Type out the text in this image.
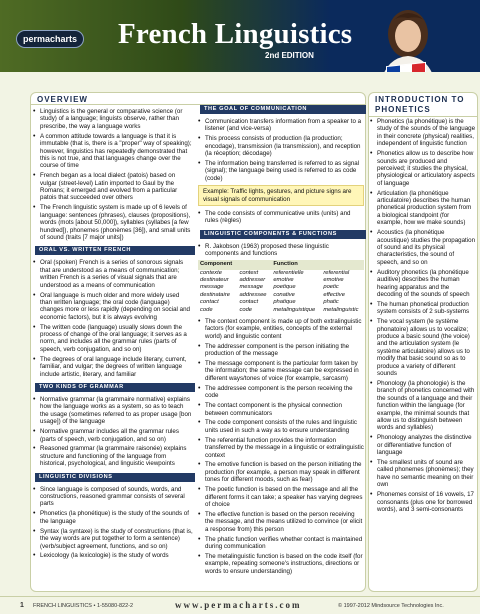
permacharts French Linguistics
2nd EDITION
OVERVIEW	INTRODUCTION TO PHONETICS
• Linguistics is the general or comparative science (or study) of a language; linguists observe, rather than prescribe, the way a language works
• A common attitude towards a language is that it is immutable (that is, there is a "proper" way of speaking); however, linguistics has repeatedly demonstrated that this is not true, and that languages change over the course of time
• French began as a local dialect (patois) based on vulgar (street-level) Latin imported to Gaul by the Romans; it emerged and evolved from a particular patois that succeeded over others
• The French linguistic system is made up of 6 levels of language: sentences (phrases), clauses (propositions), words (mots [about 50,000]), syllables (syllabes [a few hundred]), phonemes (phonèmes [36]), and small units of sound (traits [7 major units])
ORAL VS. WRITTEN FRENCH
• Oral (spoken) French is a series of sonorous signals that are understood as a means of communication; written French is a series of visual signals that are understood as a means of communication
• Oral language is much older and more widely used than written language; the oral code (language) changes more or less rapidly (depending on social and economic factors), but it is always evolving
• The written code (language) usually slows down the process of change of the oral language; it serves as a norm, and includes all the grammar rules (parts of speech, verb conjugation, and so on)
• The degrees of oral language include literary, current, familiar, and vulgar; the degrees of written language include artistic, literary, and familiar
TWO KINDS OF GRAMMAR
• Normative grammar (la grammaire normative) explains how the language works as a system, so as to teach the usage (sometimes referred to as proper usage [bon usage]) of the language
• Normative grammar includes all the grammar rules (parts of speech, verb conjugation, and so on)
• Reasoned grammar (la grammaire raisonée) explains structure and functioning of the language from historical, psychological, and linguistic viewpoints
LINGUISTIC DIVISIONS
• Since language is composed of sounds, words, and constructions, reasoned grammar consists of several parts
• Phonetics (la phonétique) is the study of the sounds of the language
• Syntax (la syntaxe) is the study of constructions (that is, the way words are put together to form a sentence) (verb/subject agreement, functions, and so on)
• Lexicology (la lexicologie) is the study of words
THE GOAL OF COMMUNICATION
• Communication transfers information from a speaker to a listener (and vice-versa)
• This process consists of production (la production; encodage), transmission (la transmission), and reception (la réception; décodage)
• The information being transferred is referred to as signal (signal); the language being used is referred to as code (code)
Example: Traffic lights, gestures, and picture signs are visual signals of communication
• The code consists of communicative units (units) and rules (règles)
LINGUISTIC COMPONENTS & FUNCTIONS
• R. Jakobson (1963) proposed these linguistic components and functions
Component		Function	
contexte	context	referentielle	referential
destinateur	addresser	emotive	emotive
message	message	poetique	poetic
destinataire	addressee	conative	effective
contact	contact	phatique	phatic
code	code	metalinguistique	metalinguistic
• The context component is made up of both extralinguistic factors (for example, entities, concepts of the external world) and linguistic content
• The addresser component is the person initiating the production of the message
• The message component is the particular form taken by the information; the same message can be expressed in different ways/tones of voice (for example, sarcasm)
• The addressee component is the person receiving the code
• The contact component is the physical connection between communicators
• The code component consists of the rules and linguistic units used in such a way as to ensure understanding
• The referential function provides the information transferred by the message in a linguistic or extralinguistic context
• The emotive function is based on the person initiating the production (for example, a person may speak in different tones for different moods, such as fear)
• The poetic function is based on the message and all the different forms it can take; a speaker has varying degrees of choice
• The effective function is based on the person receiving the message, and the means utilized to convince (or elicit a response from) this person
• The phatic function verifies whether contact is maintained during communication
• The metalinguistic function is based on the code itself (for example, repeating someone's instructions, directions or words to ensure understanding)
• Phonetics (la phonétique) is the study of the sounds of the language in their concrete (physical) realities, independent of linguistic function
• Phonetics allow us to describe how sounds are produced and perceived; it studies the physical, physiological or articulatory aspects of language
• Articulation (la phonétique articulatoire) describes the human phonetical production system from a biological standpoint (for example, how we make sounds)
• Acoustics (la phonétique acoustique) studies the propagation of sound and its physical characteristics, the sound of speech, and so on
• Auditory phonetics (la phonétique auditive) describes the human hearing apparatus and the decoding of the sounds of speech
• The human phonetical production system consists of 2 sub-systems
• The vocal system (le système phonatoire) allows us to vocalize; produce a basic sound (the voice) and the articulation system (le système articulatoire) allows us to modify that basic sound so as to produce a variety of different sounds
• Phonology (la phonologie) is the branch of phonetics concerned with the sounds of a language and their function within the language (for example, the minimal sounds that allow us to distinguish between words and syllables)
• Phonology analyzes the distinctive or differentiative function of language
• The smallest units of sound are called phonemes (phonèmes); they have no semantic meaning on their own
• Phonemes consist of 16 vowels, 17 consonants (plus one for borrowed words), and 3 semi-consonants
1 FRENCH LINGUISTICS • 1-55080-822-2	www.permacharts.com	© 1997-2012 Mindsource Technologies Inc.
